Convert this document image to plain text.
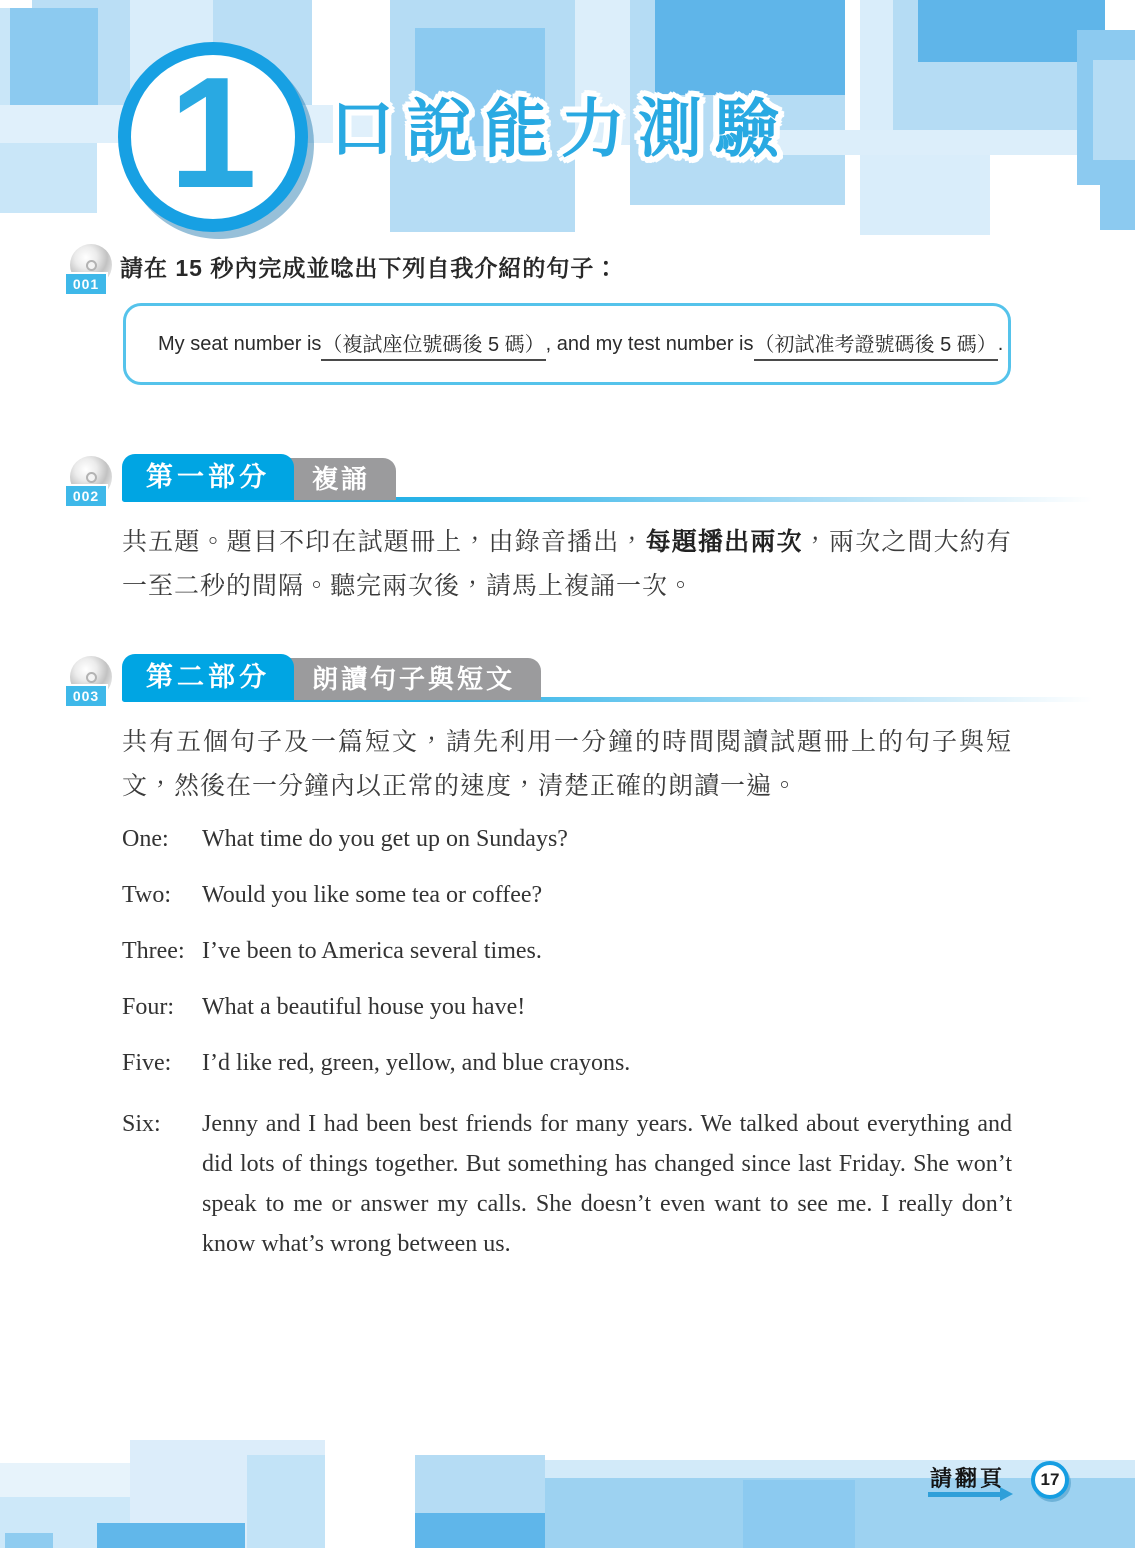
1 口說能力測驗
001
請在 15 秒內完成並唸出下列自我介紹的句子：
My seat number is （複試座位號碼後 5 碼） , and my test number is （初試准考證號碼後 5 碼） .
002
第一部分	複誦
共五題。題目不印在試題冊上，由錄音播出，每題播出兩次，兩次之間大約有一至二秒的間隔。聽完兩次後，請馬上複誦一次。
003
第二部分	朗讀句子與短文
共有五個句子及一篇短文，請先利用一分鐘的時間閱讀試題冊上的句子與短文，然後在一分鐘內以正常的速度，清楚正確的朗讀一遍。
One:	What time do you get up on Sundays?
Two:	Would you like some tea or coffee?
Three: I’ve been to America several times.
Four:	What a beautiful house you have!
Five:	I’d like red, green, yellow, and blue crayons.
Six:	Jenny and I had been best friends for many years. We talked about everything and did lots of things together. But something has changed since last Friday. She won’t speak to me or answer my calls. She doesn’t even want to see me. I really don’t know what’s wrong between us.
請翻頁 17
